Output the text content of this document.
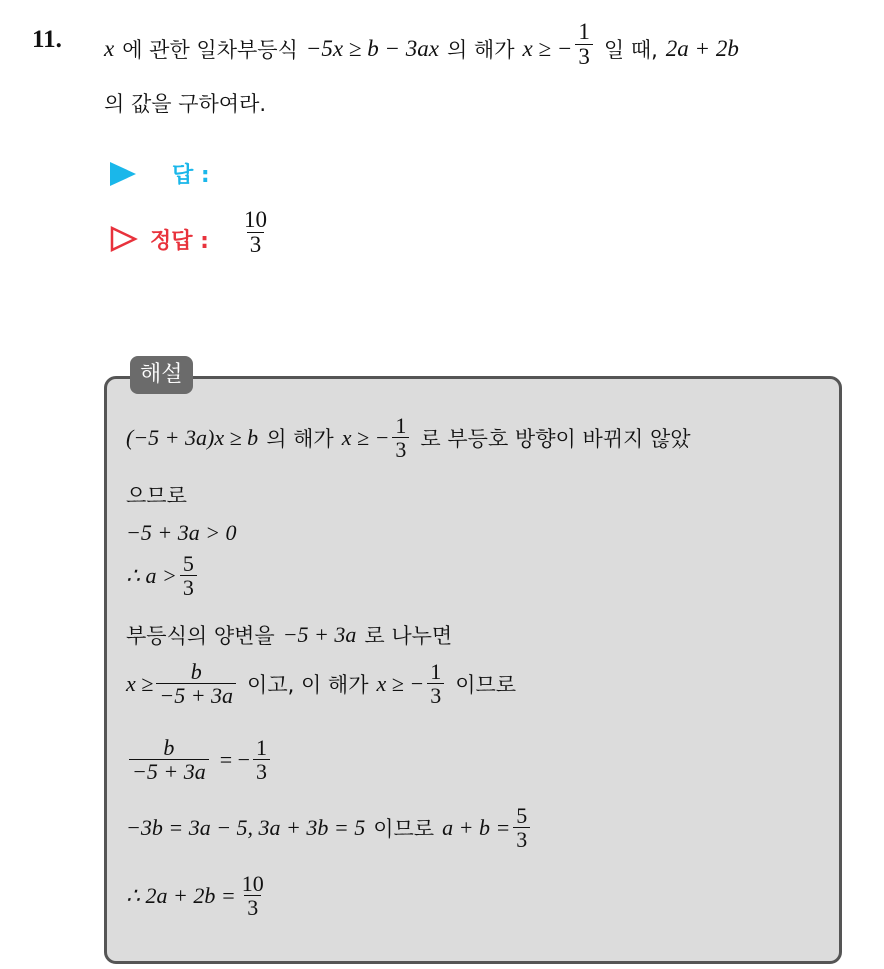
11. x 에 관한 일차부등식 −5x ≥ b − 3ax 의 해가 x ≥ − $\frac{1}{3}$ 일 때, 2a + 2b
의 값을 구하여라.
답 :
정답 : $\frac{10}{3}$
해설
(−5 + 3a)x ≥ b 의 해가 x ≥ − $\frac{1}{3}$ 로 부등호 방향이 바뀌지 않았
으므로
−5 + 3a > 0
∴ $a > \frac{5}{3}$
부등식의 양변을 −5 + 3a 로 나누면
$x \ge \frac{b}{-5 + 3a}$ 이고, 이 해가 x ≥ − $\frac{1}{3}$ 이므로
$\frac{b}{-5 + 3a}$ = − $\frac{1}{3}$
−3b = 3a − 5, 3a + 3b = 5 이므로 $a + b = \frac{5}{3}$
∴ $2a + 2b = \frac{10}{3}$
